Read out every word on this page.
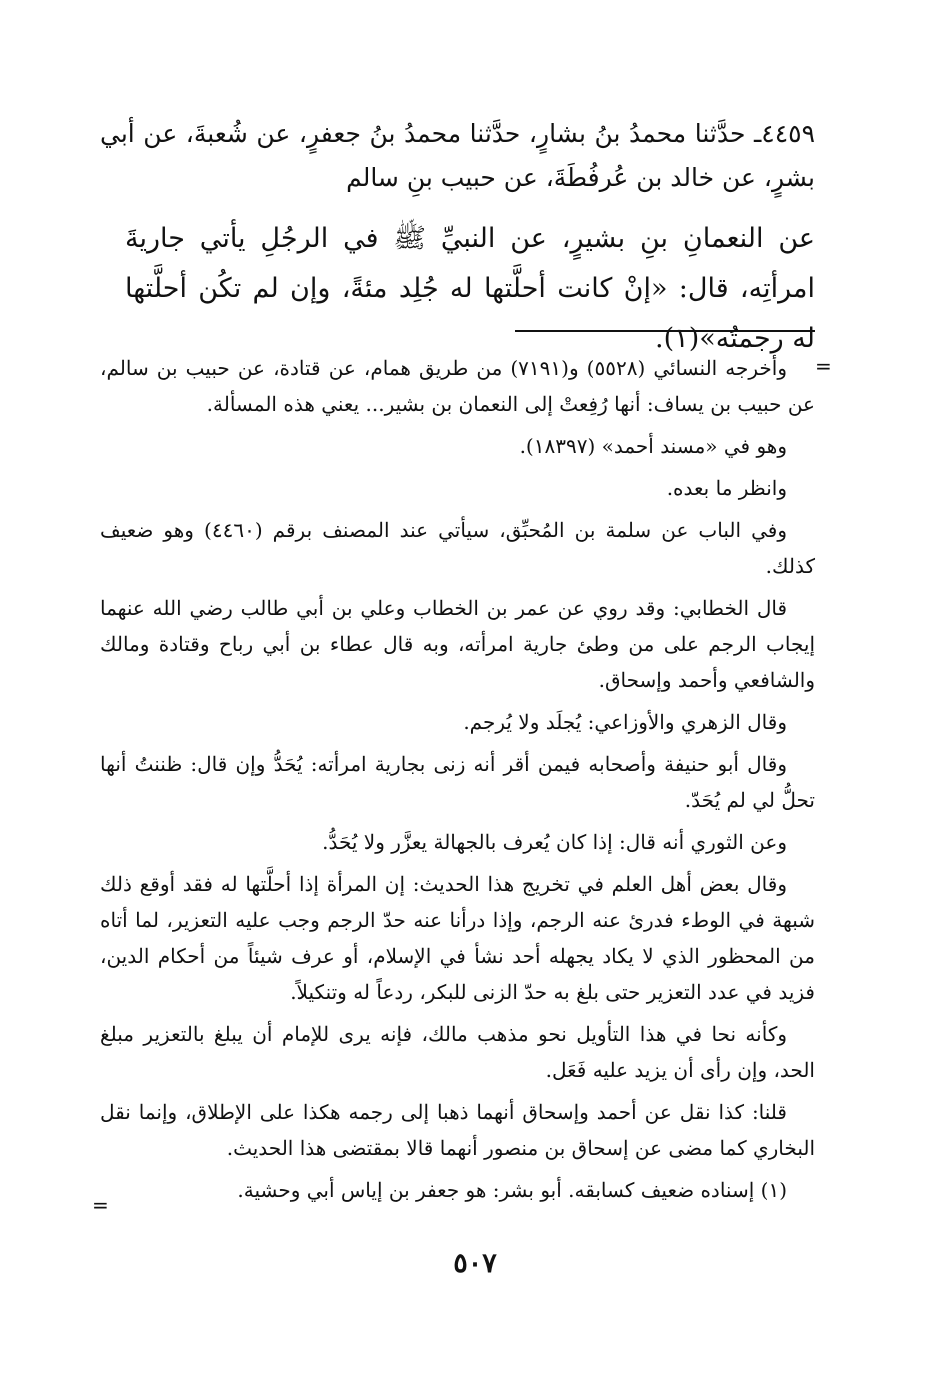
٤٤٥٩ـ حدَّثنا محمدُ بنُ بشارٍ، حدَّثنا محمدُ بنُ جعفرٍ، عن شُعبةَ، عن أبي بشرٍ، عن خالد بن عُرفُطَةَ، عن حبيب بنِ سالم

عن النعمانِ بنِ بشيرٍ، عن النبيِّ ﷺ في الرجُلِ يأتي جاريةَ امرأتِه، قال: «إنْ كانت أحلَّتها له جُلِد مئةً، وإن لم تكُن أحلَّتها له رجمتُه»(١).

=

وأخرجه النسائي (٥٥٢٨) و(٧١٩١) من طريق همام، عن قتادة، عن حبيب بن سالم، عن حبيب بن يساف: أنها رُفِعتْ إلى النعمان بن بشير... يعني هذه المسألة.

وهو في «مسند أحمد» (١٨٣٩٧).

وانظر ما بعده.

وفي الباب عن سلمة بن المُحبِّق، سيأتي عند المصنف برقم (٤٤٦٠) وهو ضعيف كذلك.

قال الخطابي: وقد روي عن عمر بن الخطاب وعلي بن أبي طالب رضي الله عنهما إيجاب الرجم على من وطئ جارية امرأته، وبه قال عطاء بن أبي رباح وقتادة ومالك والشافعي وأحمد وإسحاق.

وقال الزهري والأوزاعي: يُجلَد ولا يُرجم.

وقال أبو حنيفة وأصحابه فيمن أقر أنه زنى بجارية امرأته: يُحَدُّ وإن قال: ظننتُ أنها تحلُّ لي لم يُحَدّ.

وعن الثوري أنه قال: إذا كان يُعرف بالجهالة يعزَّر ولا يُحَدُّ.

وقال بعض أهل العلم في تخريج هذا الحديث: إن المرأة إذا أحلَّتها له فقد أوقع ذلك شبهة في الوطء فدرئ عنه الرجم، وإذا درأنا عنه حدّ الرجم وجب عليه التعزير، لما أتاه من المحظور الذي لا يكاد يجهله أحد نشأ في الإسلام، أو عرف شيئاً من أحكام الدين، فزيد في عدد التعزير حتى بلغ به حدّ الزنى للبكر، ردعاً له وتنكيلاً.

وكأنه نحا في هذا التأويل نحو مذهب مالك، فإنه يرى للإمام أن يبلغ بالتعزير مبلغ الحد، وإن رأى أن يزيد عليه فَعَل.

قلنا: كذا نقل عن أحمد وإسحاق أنهما ذهبا إلى رجمه هكذا على الإطلاق، وإنما نقل البخاري كما مضى عن إسحاق بن منصور أنهما قالا بمقتضى هذا الحديث.

(١) إسناده ضعيف كسابقه. أبو بشر: هو جعفر بن إياس أبي وحشية.

=
٥٠٧
